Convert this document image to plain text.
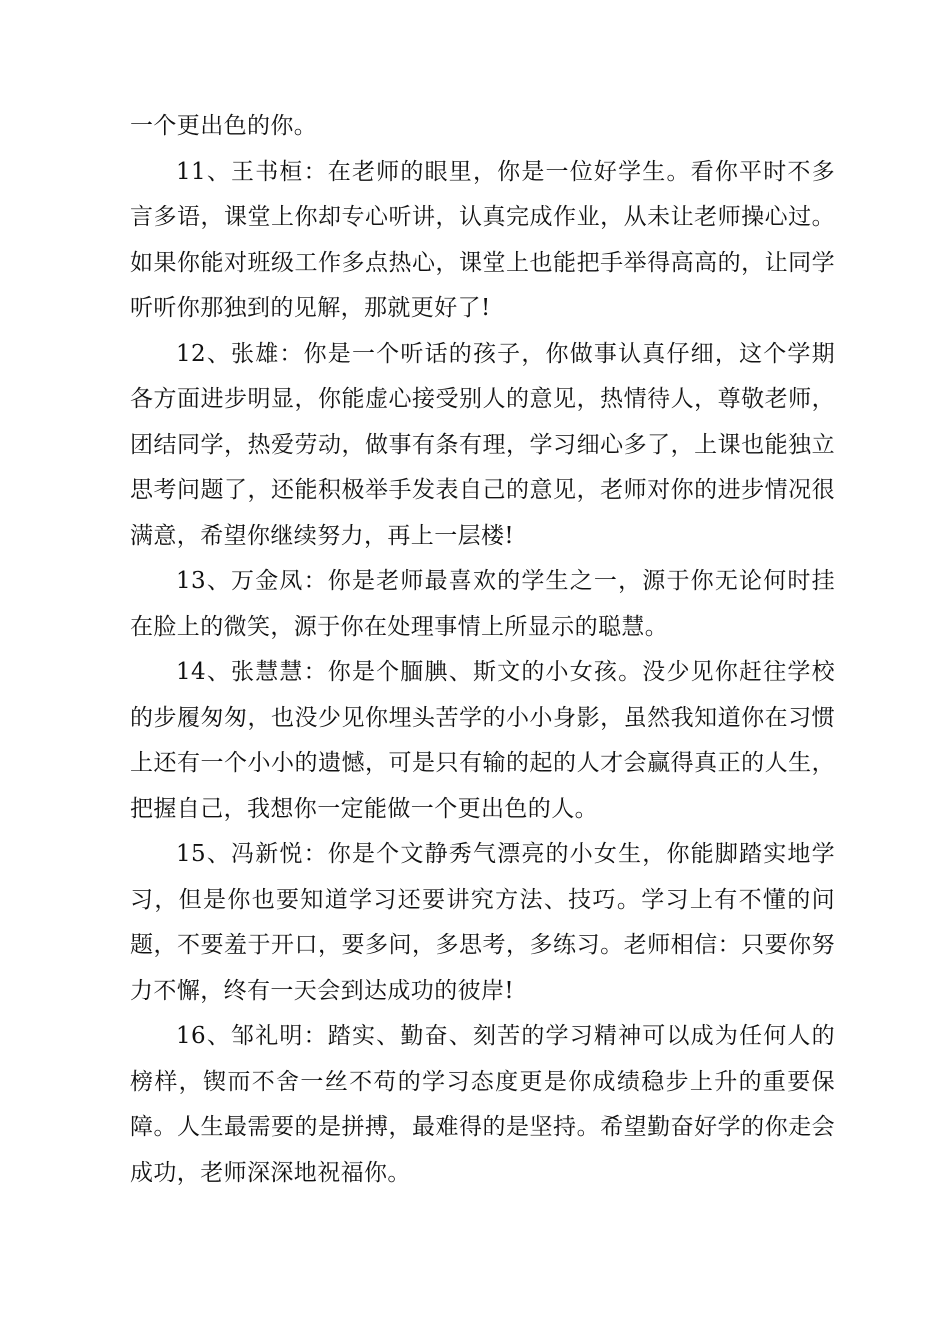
一个更出色的你。

11、王书桓：在老师的眼里，你是一位好学生。看你平时不多言多语，课堂上你却专心听讲，认真完成作业，从未让老师操心过。如果你能对班级工作多点热心，课堂上也能把手举得高高的，让同学听听你那独到的见解，那就更好了!

12、张雄：你是一个听话的孩子，你做事认真仔细，这个学期各方面进步明显，你能虚心接受别人的意见，热情待人，尊敬老师，团结同学，热爱劳动，做事有条有理，学习细心多了，上课也能独立思考问题了，还能积极举手发表自己的意见，老师对你的进步情况很满意，希望你继续努力，再上一层楼!

13、万金凤：你是老师最喜欢的学生之一，源于你无论何时挂在脸上的微笑，源于你在处理事情上所显示的聪慧。

14、张慧慧：你是个腼腆、斯文的小女孩。没少见你赶往学校的步履匆匆，也没少见你埋头苦学的小小身影，虽然我知道你在习惯上还有一个小小的遗憾，可是只有输的起的人才会赢得真正的人生，把握自己，我想你一定能做一个更出色的人。

15、冯新悦：你是个文静秀气漂亮的小女生，你能脚踏实地学习，但是你也要知道学习还要讲究方法、技巧。学习上有不懂的问题，不要羞于开口，要多问，多思考，多练习。老师相信：只要你努力不懈，终有一天会到达成功的彼岸!

16、邹礼明：踏实、勤奋、刻苦的学习精神可以成为任何人的榜样，锲而不舍一丝不苟的学习态度更是你成绩稳步上升的重要保障。人生最需要的是拼搏，最难得的是坚持。希望勤奋好学的你走会成功，老师深深地祝福你。
